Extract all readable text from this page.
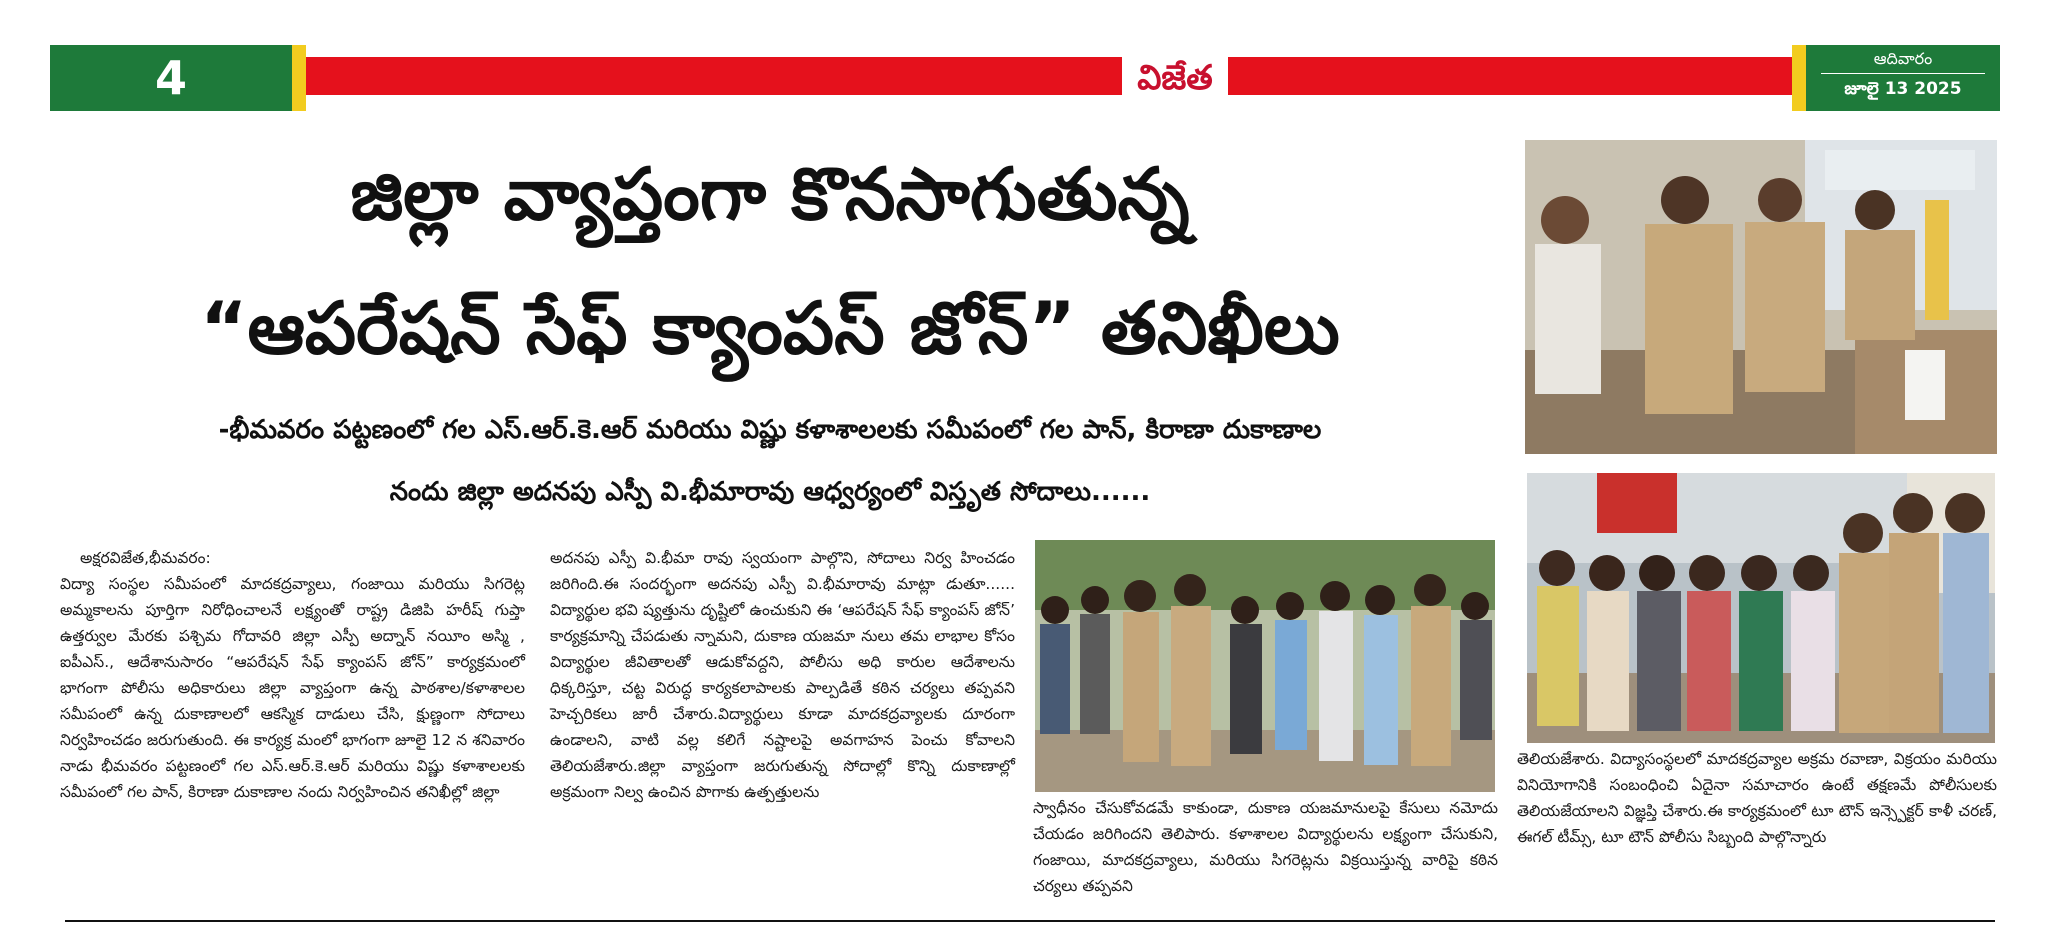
4	విజేత	ఆదివారం
జూలై 13 2025
జిల్లా వ్యాప్తంగా కొనసాగుతున్న
“ఆపరేషన్ సేఫ్ క్యాంపస్ జోన్” తనిఖీలు
-భీమవరం పట్టణంలో గల ఎస్.ఆర్.కె.ఆర్ మరియు విష్ణు కళాశాలలకు సమీపంలో గల పాన్, కిరాణా దుకాణాల
నందు జిల్లా అదనపు ఎస్పీ వి.భీమారావు ఆధ్వర్యంలో విస్తృత సోదాలు......
అక్షరవిజేత,భీమవరం:
విద్యా సంస్థల సమీపంలో మాదకద్రవ్యాలు, గంజాయి మరియు సిగరెట్ల అమ్మకాలను పూర్తిగా నిరోధించాలనే లక్ష్యంతో రాష్ట్ర డిజిపి హరీష్ గుప్తా ఉత్తర్వుల మేరకు పశ్చిమ గోదావరి జిల్లా ఎస్పీ అద్నాన్ నయీం అస్మి , ఐపీఎస్., ఆదేశానుసారం “ఆపరేషన్ సేఫ్ క్యాంపస్ జోన్” కార్యక్రమంలో భాగంగా పోలీసు అధికారులు జిల్లా వ్యాప్తంగా ఉన్న పాఠశాల/కళాశాలల సమీపంలో ఉన్న దుకాణాలలో ఆకస్మిక దాడులు చేసి, క్షుణ్ణంగా సోదాలు నిర్వహించడం జరుగుతుంది. ఈ కార్యక్ర మంలో భాగంగా జూలై 12 న శనివారం నాడు భీమవరం పట్టణంలో గల ఎస్.ఆర్.కె.ఆర్ మరియు విష్ణు కళాశాలలకు సమీపంలో గల పాన్, కిరాణా దుకాణాల నందు నిర్వహించిన తనిఖీల్లో జిల్లా
అదనపు ఎస్పీ వి.భీమా రావు స్వయంగా పాల్గొని, సోదాలు నిర్వ హించడం జరిగింది.ఈ సందర్భంగా అదనపు ఎస్పీ వి.భీమారావు మాట్లా డుతూ...... విద్యార్థుల భవి ష్యత్తును దృష్టిలో ఉంచుకుని ఈ ‘ఆపరేషన్ సేఫ్ క్యాంపస్ జోన్’ కార్యక్రమాన్ని చేపడుతు న్నామని, దుకాణ యజమా నులు తమ లాభాల కోసం విద్యార్థుల జీవితాలతో ఆడుకోవద్దని, పోలీసు అధి కారుల ఆదేశాలను ధిక్కరిస్తూ, చట్ట విరుద్ధ కార్యకలాపాలకు పాల్పడితే కఠిన చర్యలు తప్పవని హెచ్చరికలు జారీ చేశారు.విద్యార్థులు కూడా మాదకద్రవ్యాలకు దూరంగా ఉండాలని, వాటి వల్ల కలిగే నష్టాలపై అవగాహన పెంచు కోవాలని తెలియజేశారు.జిల్లా వ్యాప్తంగా జరుగుతున్న సోదాల్లో కొన్ని దుకాణాల్లో అక్రమంగా నిల్వ ఉంచిన పొగాకు ఉత్పత్తులను
స్వాధీనం చేసుకోవడమే కాకుండా, దుకాణ యజమానులపై కేసులు నమోదు చేయడం జరిగిందని తెలిపారు. కళాశాలల విద్యార్థులను లక్ష్యంగా చేసుకుని, గంజాయి, మాదకద్రవ్యాలు, మరియు సిగరెట్లను విక్రయిస్తున్న వారిపై కఠిన చర్యలు తప్పవని
తెలియజేశారు. విద్యాసంస్థలలో మాదకద్రవ్యాల అక్రమ రవాణా, విక్రయం మరియు వినియోగానికి సంబంధించి ఏదైనా సమాచారం ఉంటే తక్షణమే పోలీసులకు తెలియజేయాలని విజ్ఞప్తి చేశారు.ఈ కార్యక్రమంలో టూ టౌన్ ఇన్స్పెక్టర్ కాళీ చరణ్, ఈగల్ టీమ్స్, టూ టౌన్ పోలీసు సిబ్బంది పాల్గొన్నారు
